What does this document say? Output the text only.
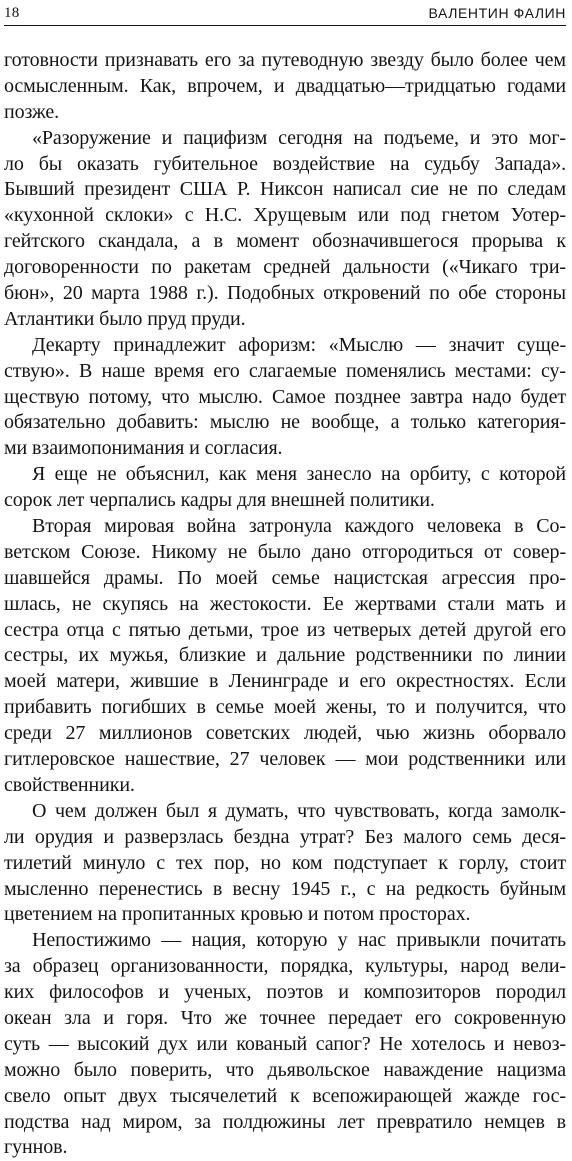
18	ВАЛЕНТИН ФАЛИН
готовности признавать его за путеводную звезду было более чем
осмысленным. Как, впрочем, и двадцатью—тридцатью годами
позже.
«Разоружение и пацифизм сегодня на подъеме, и это мог-
ло бы оказать губительное воздействие на судьбу Запада».
Бывший президент США Р. Никсон написал сие не по следам
«кухонной склоки» с Н.С. Хрущевым или под гнетом Уотер-
гейтского скандала, а в момент обозначившегося прорыва к
договоренности по ракетам средней дальности («Чикаго три-
бюн», 20 марта 1988 г.). Подобных откровений по обе стороны
Атлантики было пруд пруди.
Декарту принадлежит афоризм: «Мыслю — значит суще-
ствую». В наше время его слагаемые поменялись местами: су-
ществую потому, что мыслю. Самое позднее завтра надо будет
обязательно добавить: мыслю не вообще, а только категория-
ми взаимопонимания и согласия.
Я еще не объяснил, как меня занесло на орбиту, с которой
сорок лет черпались кадры для внешней политики.
Вторая мировая война затронула каждого человека в Со-
ветском Союзе. Никому не было дано отгородиться от совер-
шавшейся драмы. По моей семье нацистская агрессия про-
шлась, не скупясь на жестокости. Ее жертвами стали мать и
сестра отца с пятью детьми, трое из четверых детей другой его
сестры, их мужья, близкие и дальние родственники по линии
моей матери, жившие в Ленинграде и его окрестностях. Если
прибавить погибших в семье моей жены, то и получится, что
среди 27 миллионов советских людей, чью жизнь оборвало
гитлеровское нашествие, 27 человек — мои родственники или
свойственники.
О чем должен был я думать, что чувствовать, когда замолк-
ли орудия и разверзлась бездна утрат? Без малого семь деся-
тилетий минуло с тех пор, но ком подступает к горлу, стоит
мысленно перенестись в весну 1945 г., с на редкость буйным
цветением на пропитанных кровью и потом просторах.
Непостижимо — нация, которую у нас привыкли почитать
за образец организованности, порядка, культуры, народ вели-
ких философов и ученых, поэтов и композиторов породил
океан зла и горя. Что же точнее передает его сокровенную
суть — высокий дух или кованый сапог? Не хотелось и невоз-
можно было поверить, что дьявольское наваждение нацизма
свело опыт двух тысячелетий к всепожирающей жажде гос-
подства над миром, за полдюжины лет превратило немцев в
гуннов.
